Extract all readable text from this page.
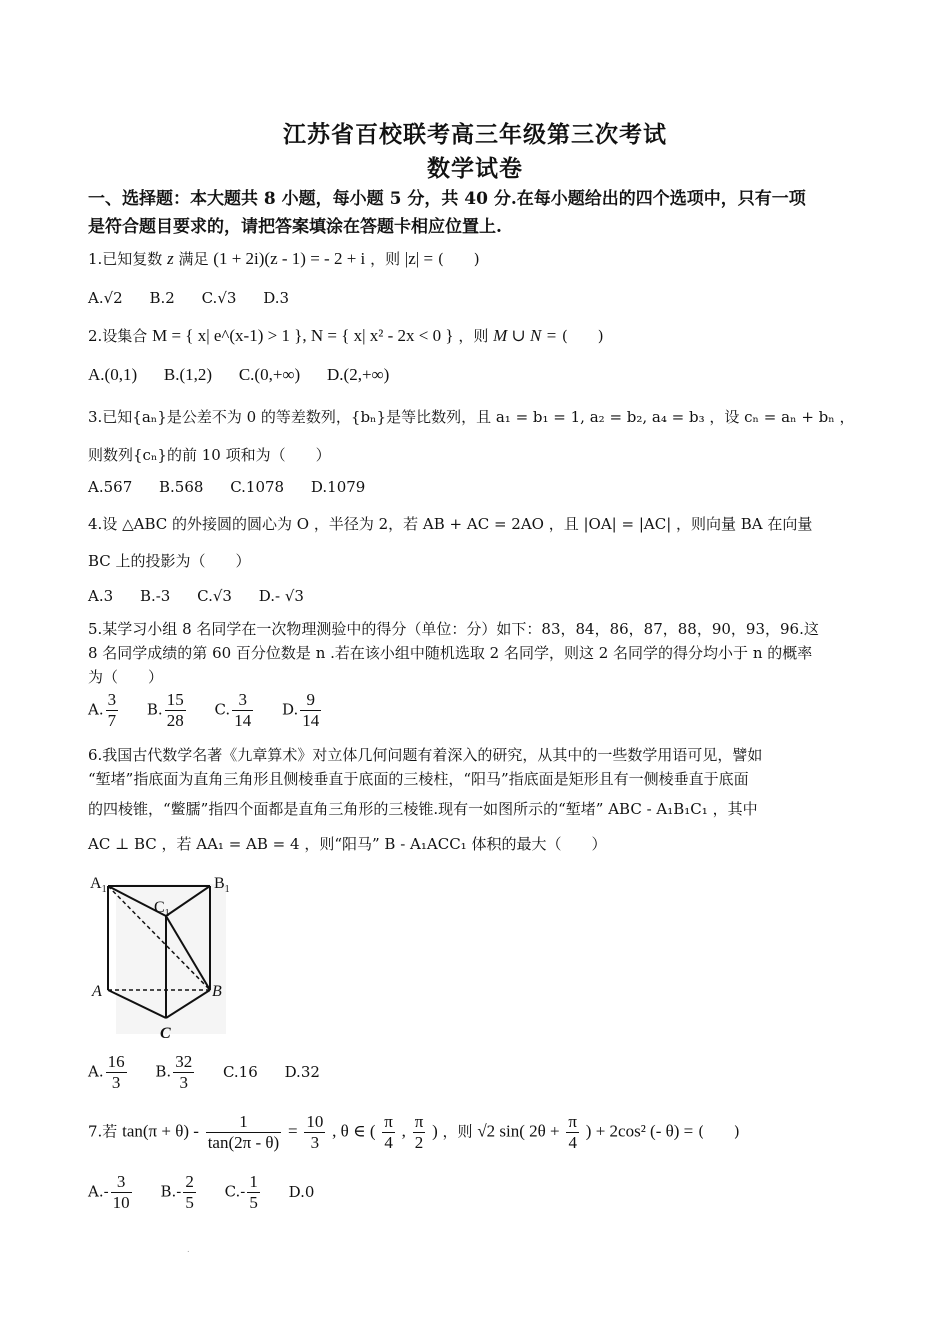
江苏省百校联考高三年级第三次考试
数学试卷
一、选择题：本大题共 8 小题，每小题 5 分，共 40 分.在每小题给出的四个选项中，只有一项
是符合题目要求的，请把答案填涂在答题卡相应位置上.
1.已知复数 z 满足 (1 + 2i)(z - 1) = - 2 + i ，则 |z| = (　　)
A.√2 B.2 C.√3 D.3
2.设集合 M = { x| e^(x-1) > 1 }, N = { x| x² - 2x < 0 } ，则 M ∪ N = (　　)
A.(0,1) B.(1,2) C.(0,+∞) D.(2,+∞)
3.已知{aₙ}是公差不为 0 的等差数列，{bₙ}是等比数列，且 a₁ = b₁ = 1, a₂ = b₂, a₄ = b₃ ，设 cₙ = aₙ + bₙ ，
则数列{cₙ}的前 10 项和为（　　）
A.567 B.568 C.1078 D.1079
4.设 △ABC 的外接圆的圆心为 O ，半径为 2，若 AB + AC = 2AO ，且 |OA| = |AC| ，则向量 BA 在向量
BC 上的投影为（　　）
A.3 B.-3 C.√3 D.- √3
5.某学习小组 8 名同学在一次物理测验中的得分（单位：分）如下：83，84，86，87，88，90，93，96.这
8 名同学成绩的第 60 百分位数是 n .若在该小组中随机选取 2 名同学，则这 2 名同学的得分均小于 n 的概率
为（　　）
A. $\frac{3}{7} B$. $\frac{15}{28} C$. $\frac{3}{14} D$. $\frac{9}{14}$
6.我国古代数学名著《九章算术》对立体几何问题有着深入的研究，从其中的一些数学用语可见，譬如
“堑堵”指底面为直角三角形且侧棱垂直于底面的三棱柱，“阳马”指底面是矩形且有一侧棱垂直于底面
的四棱锥，“鳖臑”指四个面都是直角三角形的三棱锥.现有一如图所示的“堑堵” ABC - A₁B₁C₁ ，其中
AC ⊥ BC ，若 AA₁ = AB = 4 ，则“阳马” B - A₁ACC₁ 体积的最大（　　）
$A_1$	$B_1$
$C_1$
A	B
C
A. $\frac{16}{3} B$. $\frac{32}{3} C.16$ D.32
7.若 $\tan(\pi + \theta) - \frac{1}{\tan(2\pi - \theta)} = \frac{10}{3}$ , θ ∈ ( $\frac{\pi}{4}$ , $\frac{\pi}{2}$ ) ，则 √2 sin( $2\theta + \frac{\pi}{4}$ ) + 2cos² (- θ) = (　　)
$A.- \frac{3}{10} B.- \frac{2}{5} C.- \frac{1}{5} D.0$
.
